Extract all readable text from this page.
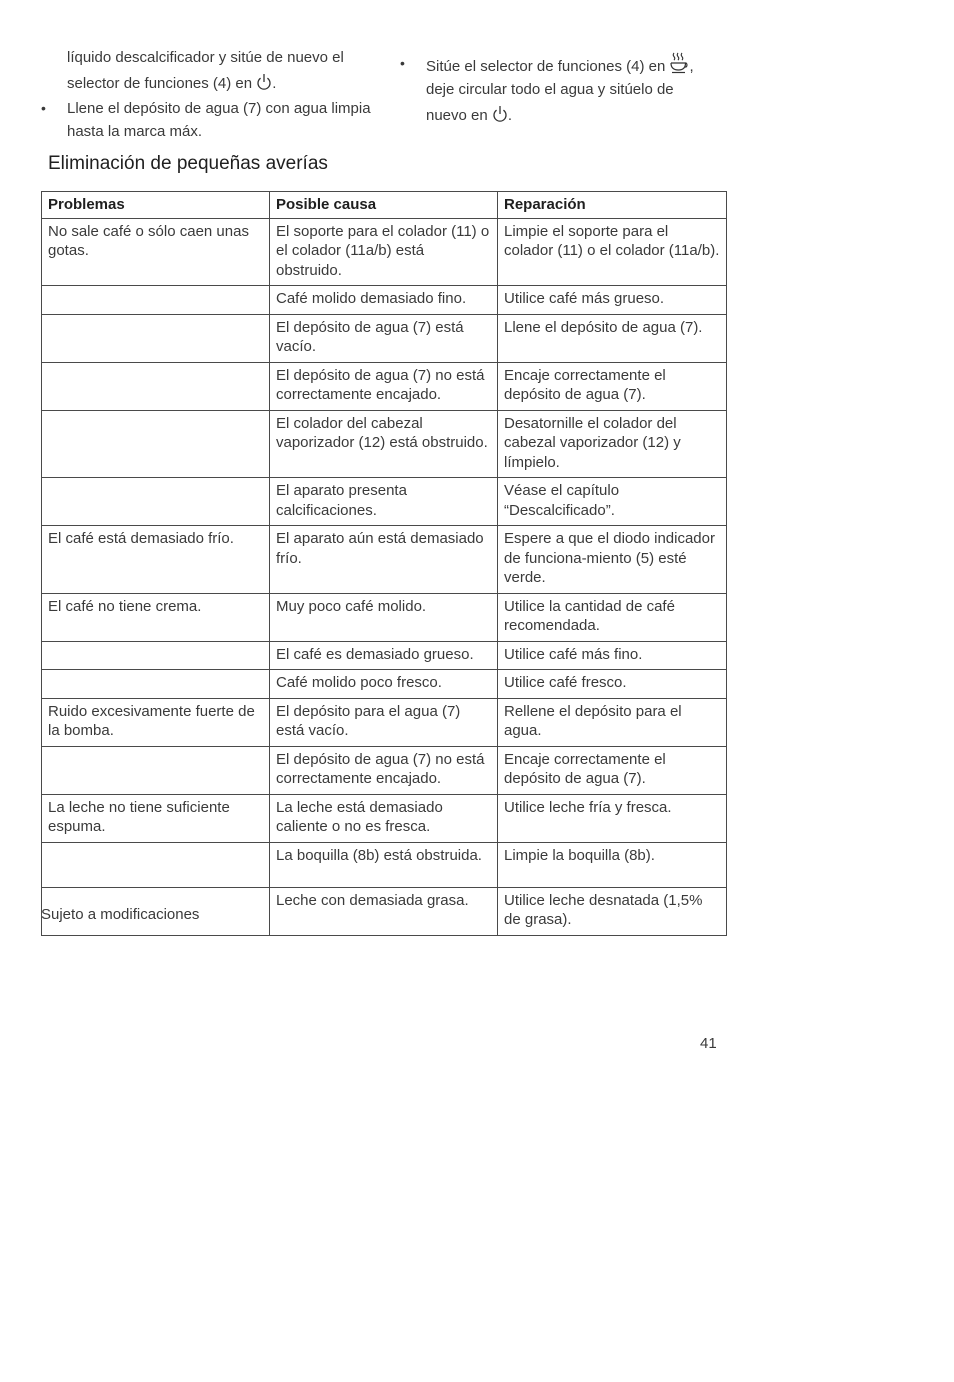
líquido descalcificador y sitúe de nuevo el
selector de funciones (4) en .
•	Llene el depósito de agua (7) con agua limpia hasta la marca máx.
•	Sitúe el selector de funciones (4) en ,
deje circular todo el agua y sitúelo de
nuevo en .
Eliminación de pequeñas averías
Problemas	Posible causa	Reparación
No sale café o sólo caen unas gotas.	El soporte para el colador (11) o el colador (11a/b) está obstruido.	Limpie el soporte para el colador (11) o el colador (11a/b).
	Café molido demasiado fino.	Utilice café más grueso.
	El depósito de agua (7) está vacío.	Llene el depósito de agua (7).
	El depósito de agua (7) no está correctamente encajado.	Encaje correctamente el depósito de agua (7).
	El colador del cabezal vaporizador (12) está obstruido.	Desatornille el colador del cabezal vaporizador (12) y límpielo.
	El aparato presenta calcificaciones.	Véase el capítulo “Descalcificado”.
El café está demasiado frío.	El aparato aún está demasiado frío.	Espere a que el diodo indicador de funciona-miento (5) esté verde.
El café no tiene crema.	Muy poco café molido.	Utilice la cantidad de café recomendada.
	El café es demasiado grueso.	Utilice café más fino.
	Café molido poco fresco.	Utilice café fresco.
Ruido excesivamente fuerte de la bomba.	El depósito para el agua (7) está vacío.	Rellene el depósito para el agua.
	El depósito de agua (7) no está correctamente encajado.	Encaje correctamente el depósito de agua (7).
La leche no tiene suficiente espuma.	La leche está demasiado caliente o no es fresca.	Utilice leche fría y fresca.
	La boquilla (8b) está obstruida.	Limpie la boquilla (8b).
	Leche con demasiada grasa.	Utilice leche desnatada (1,5% de grasa).
Sujeto a modificaciones
41
